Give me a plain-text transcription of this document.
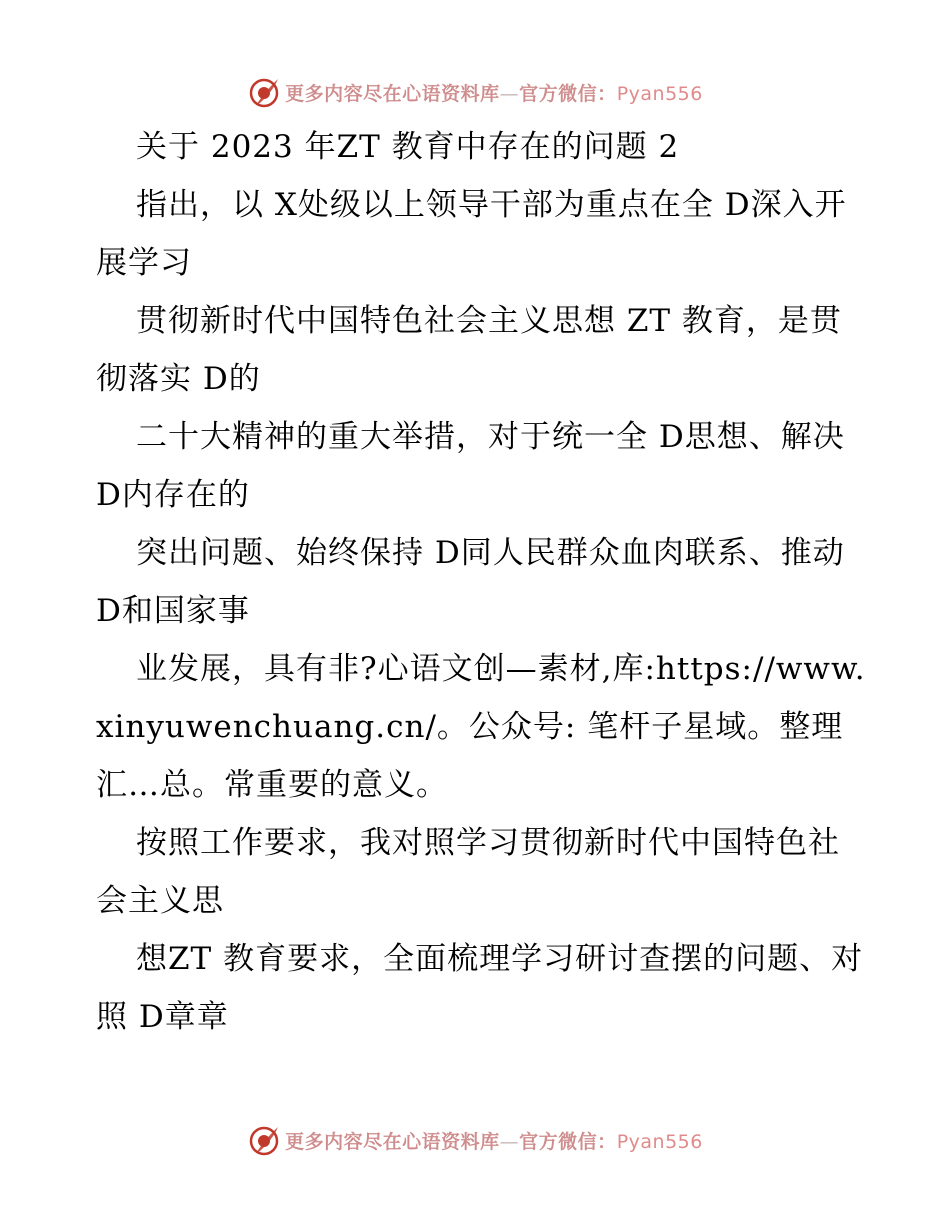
更多内容尽在心语资料库—官方微信：Pyan556

关于 2023 年ZT 教育中存在的问题 2

指出，以 X处级以上领导干部为重点在全 D深入开展学习

贯彻新时代中国特色社会主义思想 ZT 教育，是贯彻落实 D的

二十大精神的重大举措，对于统一全 D思想、解决 D内存在的

突出问题、始终保持 D同人民群众血肉联系、推动 D和国家事

业发展，具有非?心语文创—素材,库:https://www.xinyuwenchuang.cn/。公众号: 笔杆子星域。整理汇…总。常重要的意义。

按照工作要求，我对照学习贯彻新时代中国特色社会主义思

想ZT 教育要求，全面梳理学习研讨查摆的问题、对照 D章章

更多内容尽在心语资料库—官方微信：Pyan556
